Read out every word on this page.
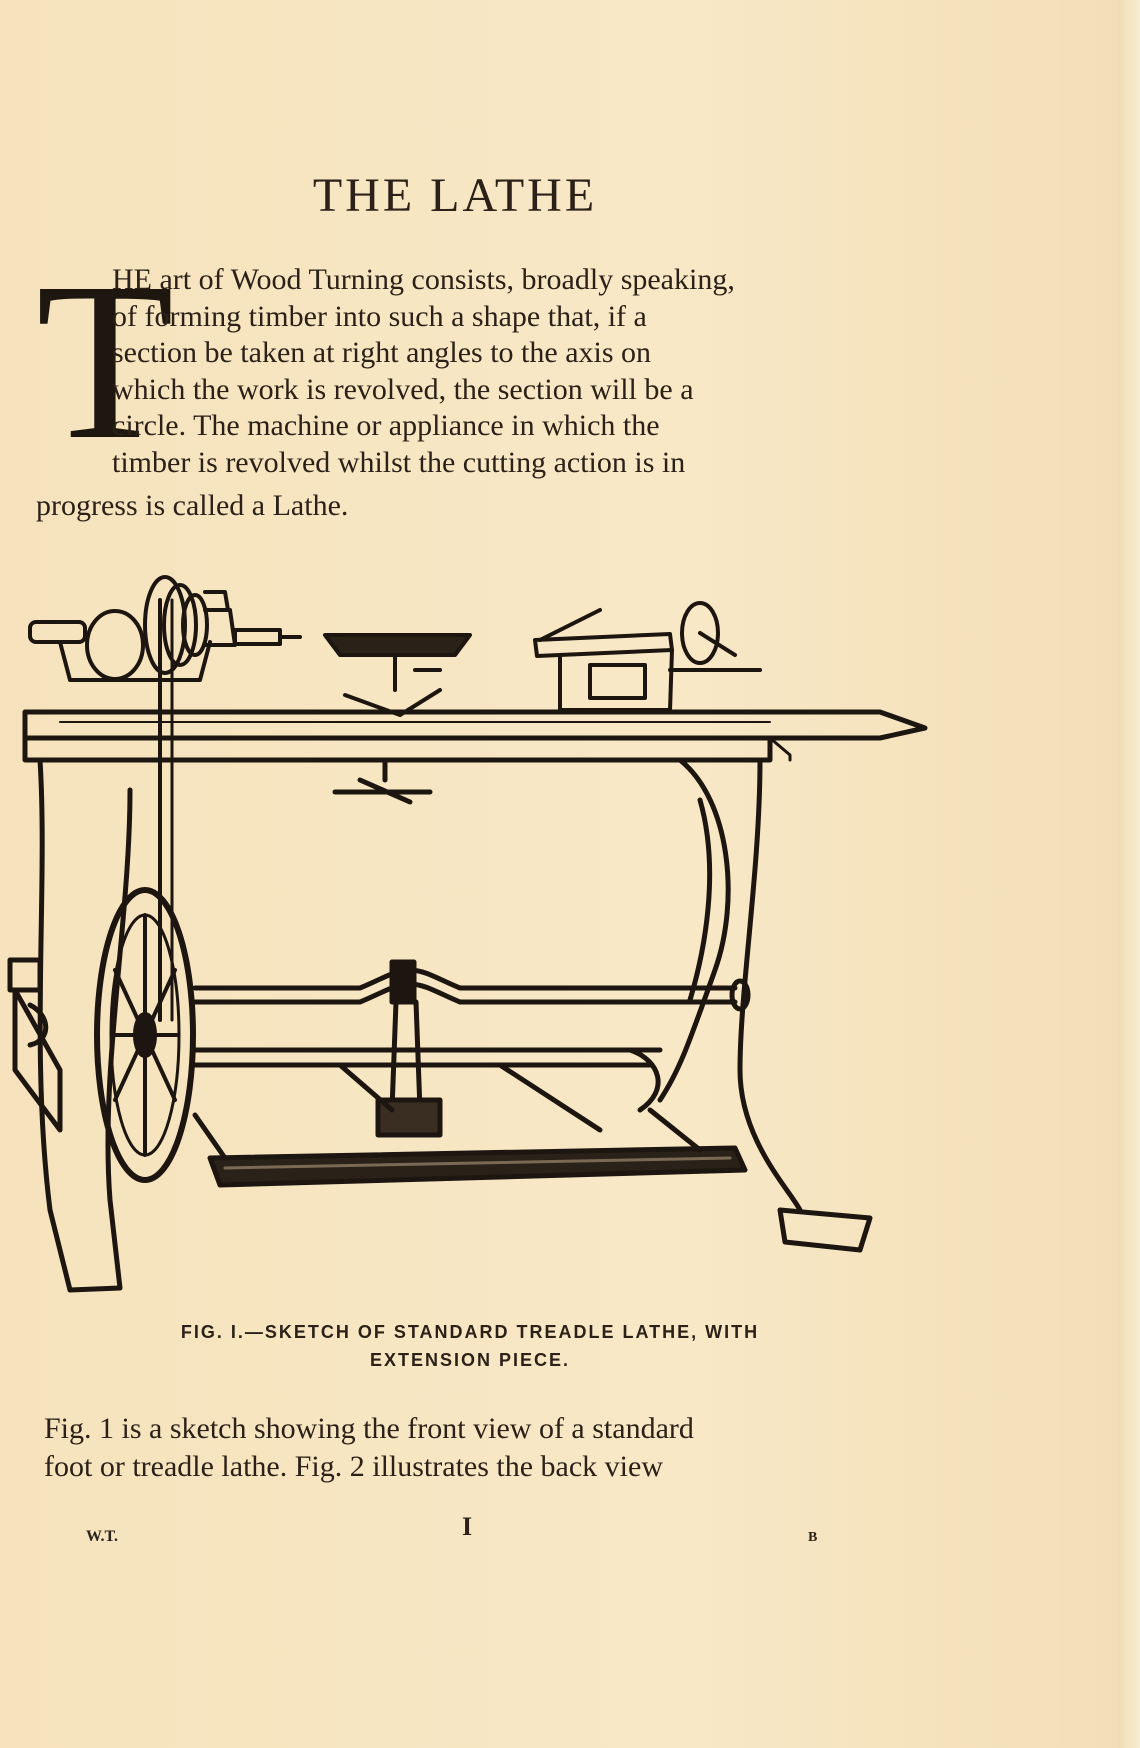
THE LATHE
T

HE art of Wood Turning consists, broadly speaking,
of forming timber into such a shape that, if a
section be taken at right angles to the axis on
which the work is revolved, the section will be a
circle. The machine or appliance in which the
timber is revolved whilst the cutting action is in

progress is called a Lathe.

FIG. I.—SKETCH OF STANDARD TREADLE LATHE, WITH
EXTENSION PIECE.

Fig. 1 is a sketch showing the front view of a standard
foot or treadle lathe. Fig. 2 illustrates the back view

W.T.	I	B
